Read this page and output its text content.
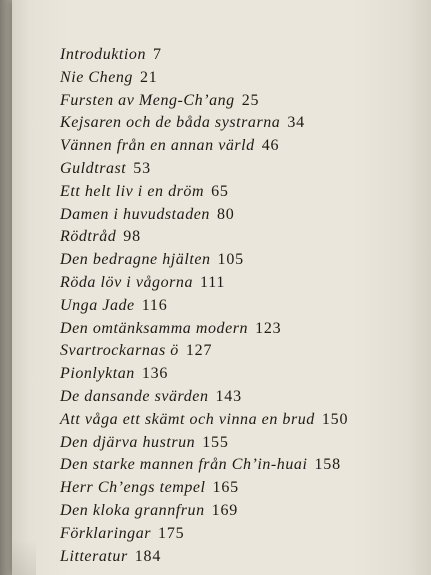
Introduktion 7
Nie Cheng 21
Fursten av Meng-Ch’ang 25
Kejsaren och de båda systrarna 34
Vännen från en annan värld 46
Guldtrast 53
Ett helt liv i en dröm 65
Damen i huvudstaden 80
Rödtråd 98
Den bedragne hjälten 105
Röda löv i vågorna 111
Unga Jade 116
Den omtänksamma modern 123
Svartrockarnas ö 127
Pionlyktan 136
De dansande svärden 143
Att våga ett skämt och vinna en brud 150
Den djärva hustrun 155
Den starke mannen från Ch’in-huai 158
Herr Ch’engs tempel 165
Den kloka grannfrun 169
Förklaringar 175
Litteratur 184
